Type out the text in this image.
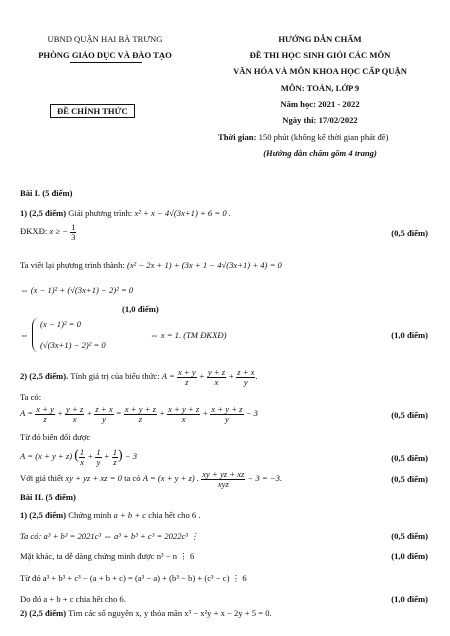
UBND QUẬN HAI BÀ TRƯNG
PHÒNG GIÁO DỤC VÀ ĐÀO TẠO
ĐỀ CHÍNH THỨC
HƯỚNG DẪN CHẤM
ĐỀ THI HỌC SINH GIỎI CÁC MÔN
VĂN HÓA VÀ MÔN KHOA HỌC CẤP QUẬN
MÔN: TOÁN, LỚP 9
Năm học: 2021 - 2022
Ngày thi: 17/02/2022
Thời gian: 150 phút (không kể thời gian phát đề)
(Hướng dẫn chấm gồm 4 trang)
Bài I. (5 điểm)
1) (2,5 điểm) Giải phương trình: x² + x − 4√(3x+1) + 6 = 0 .
ĐKXĐ: x ≥ − $\frac{1}{3}$	(0,5 điểm)
Ta viết lại phương trình thành: (x² − 2x + 1) + (3x + 1 − 4√(3x+1) + 4) = 0
⇔ (x − 1)² + (√(3x+1) − 2)² = 0
(1,0 điểm)
⇔
(x − 1)² = 0
(√(3x+1) − 2)² = 0
⇔ x = 1. (TM ĐKXĐ)	(1,0 điểm)
2) (2,5 điểm). Tính giá trị của biểu thức: $A = \frac{x + y}{z} + \frac{y + z}{x} + \frac{z + x}{y}$ .
Ta có:
$A = \frac{x + y}{z} + \frac{y + z}{x} + \frac{z + x}{y} = \frac{x + y + z}{z} + \frac{x + y + z}{x} + \frac{x + y + z}{y} - 3$	(0,5 điểm)
Từ đó biến đổi được
A = (x + y + z) ( $\frac{1}{x} + \frac{1}{y} + \frac{1}{z}$ ) − 3	(0,5 điểm)
Với giả thiết xy + yz + xz = 0 ta có A = (x + y + z) . $\frac{xy + yz + xz}{\text{xyz}} - 3 = -3$.	(0,5 điểm)
Bài II. (5 điểm)
1) (2,5 điểm) Chứng minh a + b + c chia hết cho 6 .
Ta có: a³ + b³ = 2021c³ ⇔ a³ + b³ + c³ = 2022c³ ⋮	(0,5 điểm)
Mặt khác, ta dễ dàng chứng minh được n³ − n ⋮ 6	(1,0 điểm)
Từ đó a³ + b³ + c³ − (a + b + c) = (a³ − a) + (b³ − b) + (c³ − c) ⋮ 6
Do đó a + b + c chia hết cho 6.	(1,0 điểm)
2) (2,5 điểm) Tìm các số nguyên x, y thỏa mãn x³ − x²y + x − 2y + 5 = 0.
